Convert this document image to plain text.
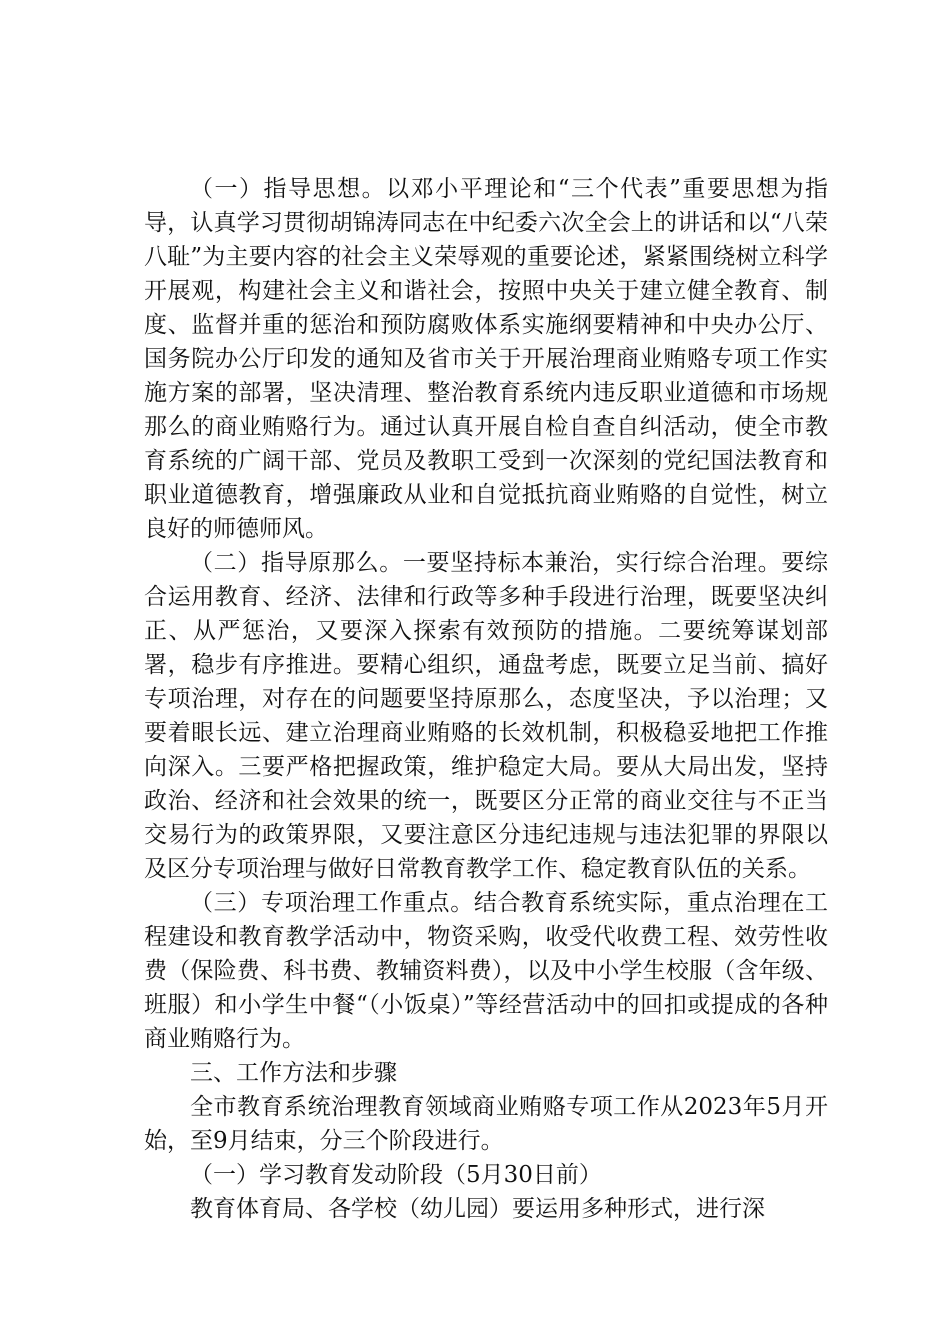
（一）指导思想。以邓小平理论和“三个代表”重要思想为指导，认真学习贯彻胡锦涛同志在中纪委六次全会上的讲话和以“八荣八耻”为主要内容的社会主义荣辱观的重要论述，紧紧围绕树立科学开展观，构建社会主义和谐社会，按照中央关于建立健全教育、制度、监督并重的惩治和预防腐败体系实施纲要精神和中央办公厅、国务院办公厅印发的通知及省市关于开展治理商业贿赂专项工作实施方案的部署，坚决清理、整治教育系统内违反职业道德和市场规那么的商业贿赂行为。通过认真开展自检自查自纠活动，使全市教育系统的广阔干部、党员及教职工受到一次深刻的党纪国法教育和职业道德教育，增强廉政从业和自觉抵抗商业贿赂的自觉性，树立良好的师德师风。

（二）指导原那么。一要坚持标本兼治，实行综合治理。要综合运用教育、经济、法律和行政等多种手段进行治理，既要坚决纠正、从严惩治，又要深入探索有效预防的措施。二要统筹谋划部署，稳步有序推进。要精心组织，通盘考虑，既要立足当前、搞好专项治理，对存在的问题要坚持原那么，态度坚决，予以治理；又要着眼长远、建立治理商业贿赂的长效机制，积极稳妥地把工作推向深入。三要严格把握政策，维护稳定大局。要从大局出发，坚持政治、经济和社会效果的统一，既要区分正常的商业交往与不正当交易行为的政策界限，又要注意区分违纪违规与违法犯罪的界限以及区分专项治理与做好日常教育教学工作、稳定教育队伍的关系。

（三）专项治理工作重点。结合教育系统实际，重点治理在工程建设和教育教学活动中，物资采购，收受代收费工程、效劳性收费（保险费、科书费、教辅资料费），以及中小学生校服（含年级、班服）和小学生中餐“（小饭桌）”等经营活动中的回扣或提成的各种商业贿赂行为。

三、工作方法和步骤

全市教育系统治理教育领域商业贿赂专项工作从2023年5月开始，至9月结束，分三个阶段进行。

（一）学习教育发动阶段（5月30日前）

教育体育局、各学校（幼儿园）要运用多种形式，进行深
